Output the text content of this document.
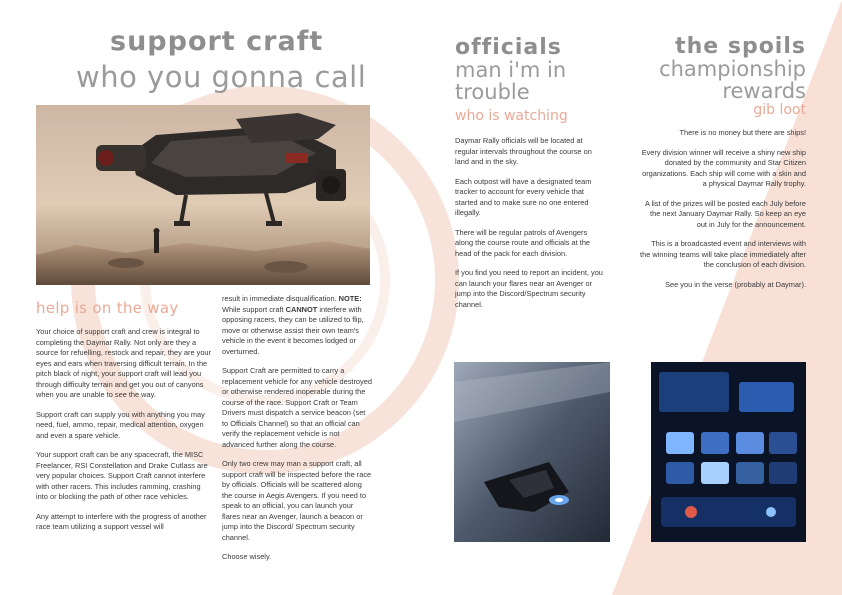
support craft
who you gonna call
help is on the way

Your choice of support craft and crew is integral to completing the Daymar Rally. Not only are they a source for refuelling, restock and repair, they are your eyes and ears when traversing difficult terrain. In the pitch black of night, your support craft will lead you through difficulty terrain and get you out of canyons when you are unable to see the way.

Support craft can supply you with anything you may need, fuel, ammo, repair, medical attention, oxygen and even a spare vehicle.

Your support craft can be any spacecraft, the MISC Freelancer, RSI Constellation and Drake Cutlass are very popular choices. Support Craft cannot interfere with other racers. This includes ramming, crashing into or blocking the path of other race vehicles.

Any attempt to interfere with the progress of another race team utilizing a support vessel will

result in immediate disqualification. NOTE: While support craft CANNOT interfere with opposing racers, they can be utilized to flip, move or otherwise assist their own team's vehicle in the event it becomes lodged or overturned.

Support Craft are permitted to carry a replacement vehicle for any vehicle destroyed or otherwise rendered inoperable during the course of the race. Support Craft or Team Drivers must dispatch a service beacon (set to Officials Channel) so that an official can verify the replacement vehicle is not advanced further along the course.

Only two crew may man a support craft, all support craft will be inspected before the race by officials. Officials will be scattered along the course in Aegis Avengers. If you need to speak to an official, you can launch your flares near an Avenger, launch a beacon or jump into the Discord/ Spectrum security channel.

Choose wisely.

officials
man i'm in trouble
who is watching

Daymar Rally officials will be located at regular intervals throughout the course on land and in the sky.

Each outpost will have a designated team tracker to account for every vehicle that started and to make sure no one entered illegally.

There will be regular patrols of Avengers along the course route and officials at the head of the pack for each division.

If you find you need to report an incident, you can launch your flares near an Avenger or jump into the Discord/Spectrum security channel.

the spoils
championship
rewards
gib loot

There is no money but there are ships!

Every division winner will receive a shiny new ship donated by the community and Star Citizen organizations. Each ship will come with a skin and a physical Daymar Rally trophy.

A list of the prizes will be posted each July before the next January Daymar Rally. So keep an eye out in July for the announcement.

This is a broadcasted event and interviews with the winning teams will take place immediately after the conclusion of each division.

See you in the verse (probably at Daymar).
